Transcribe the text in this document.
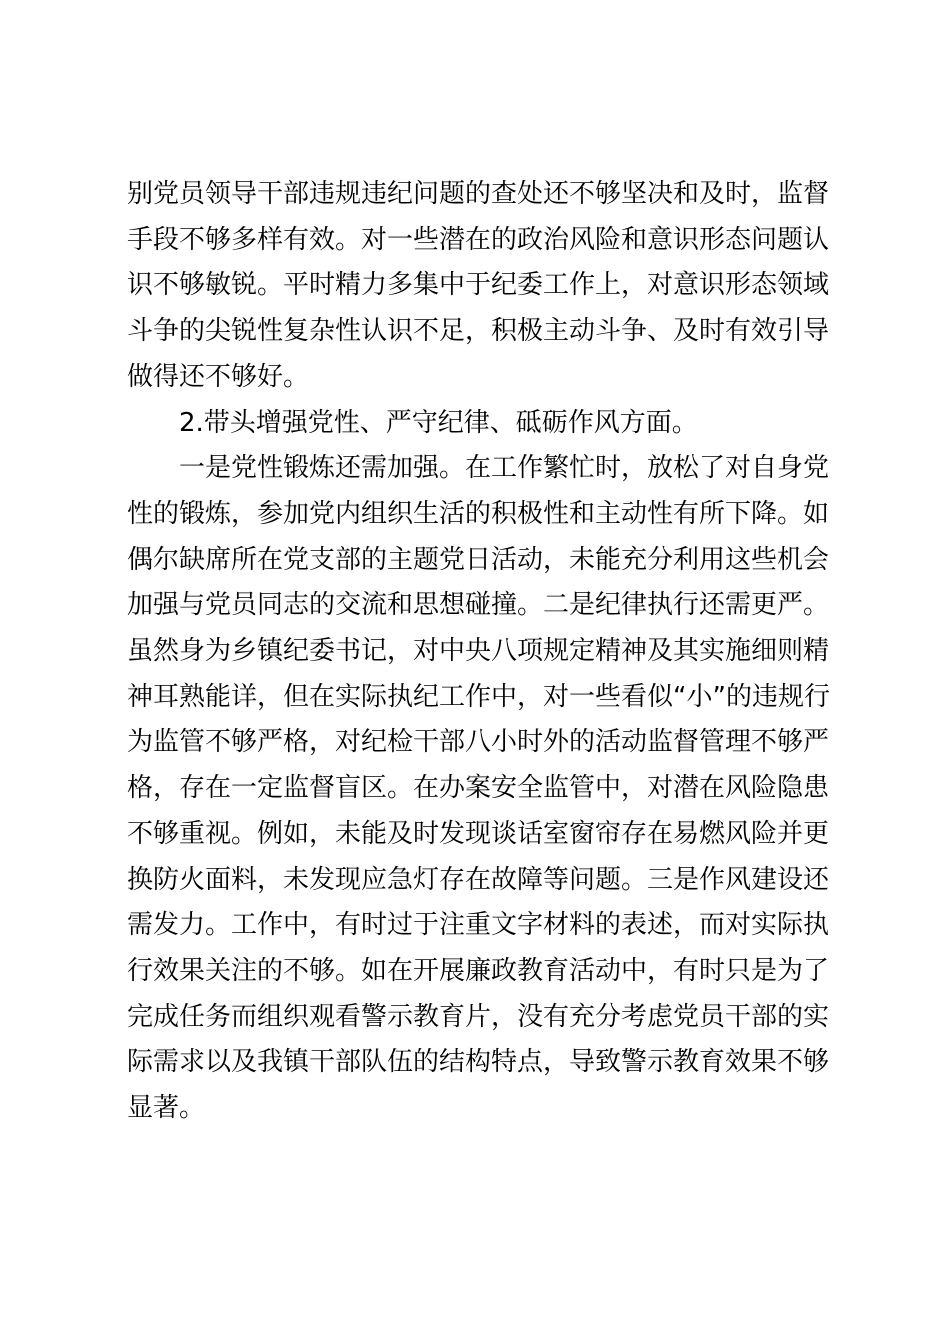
别党员领导干部违规违纪问题的查处还不够坚决和及时，监督
手段不够多样有效。对一些潜在的政治风险和意识形态问题认
识不够敏锐。平时精力多集中于纪委工作上，对意识形态领域
斗争的尖锐性复杂性认识不足，积极主动斗争、及时有效引导
做得还不够好。
2.带头增强党性、严守纪律、砥砺作风方面。
一是党性锻炼还需加强。在工作繁忙时，放松了对自身党
性的锻炼，参加党内组织生活的积极性和主动性有所下降。如
偶尔缺席所在党支部的主题党日活动，未能充分利用这些机会
加强与党员同志的交流和思想碰撞。二是纪律执行还需更严。
虽然身为乡镇纪委书记，对中央八项规定精神及其实施细则精
神耳熟能详，但在实际执纪工作中，对一些看似“小”的违规行
为监管不够严格，对纪检干部八小时外的活动监督管理不够严
格，存在一定监督盲区。在办案安全监管中，对潜在风险隐患
不够重视。例如，未能及时发现谈话室窗帘存在易燃风险并更
换防火面料，未发现应急灯存在故障等问题。三是作风建设还
需发力。工作中，有时过于注重文字材料的表述，而对实际执
行效果关注的不够。如在开展廉政教育活动中，有时只是为了
完成任务而组织观看警示教育片，没有充分考虑党员干部的实
际需求以及我镇干部队伍的结构特点，导致警示教育效果不够
显著。
